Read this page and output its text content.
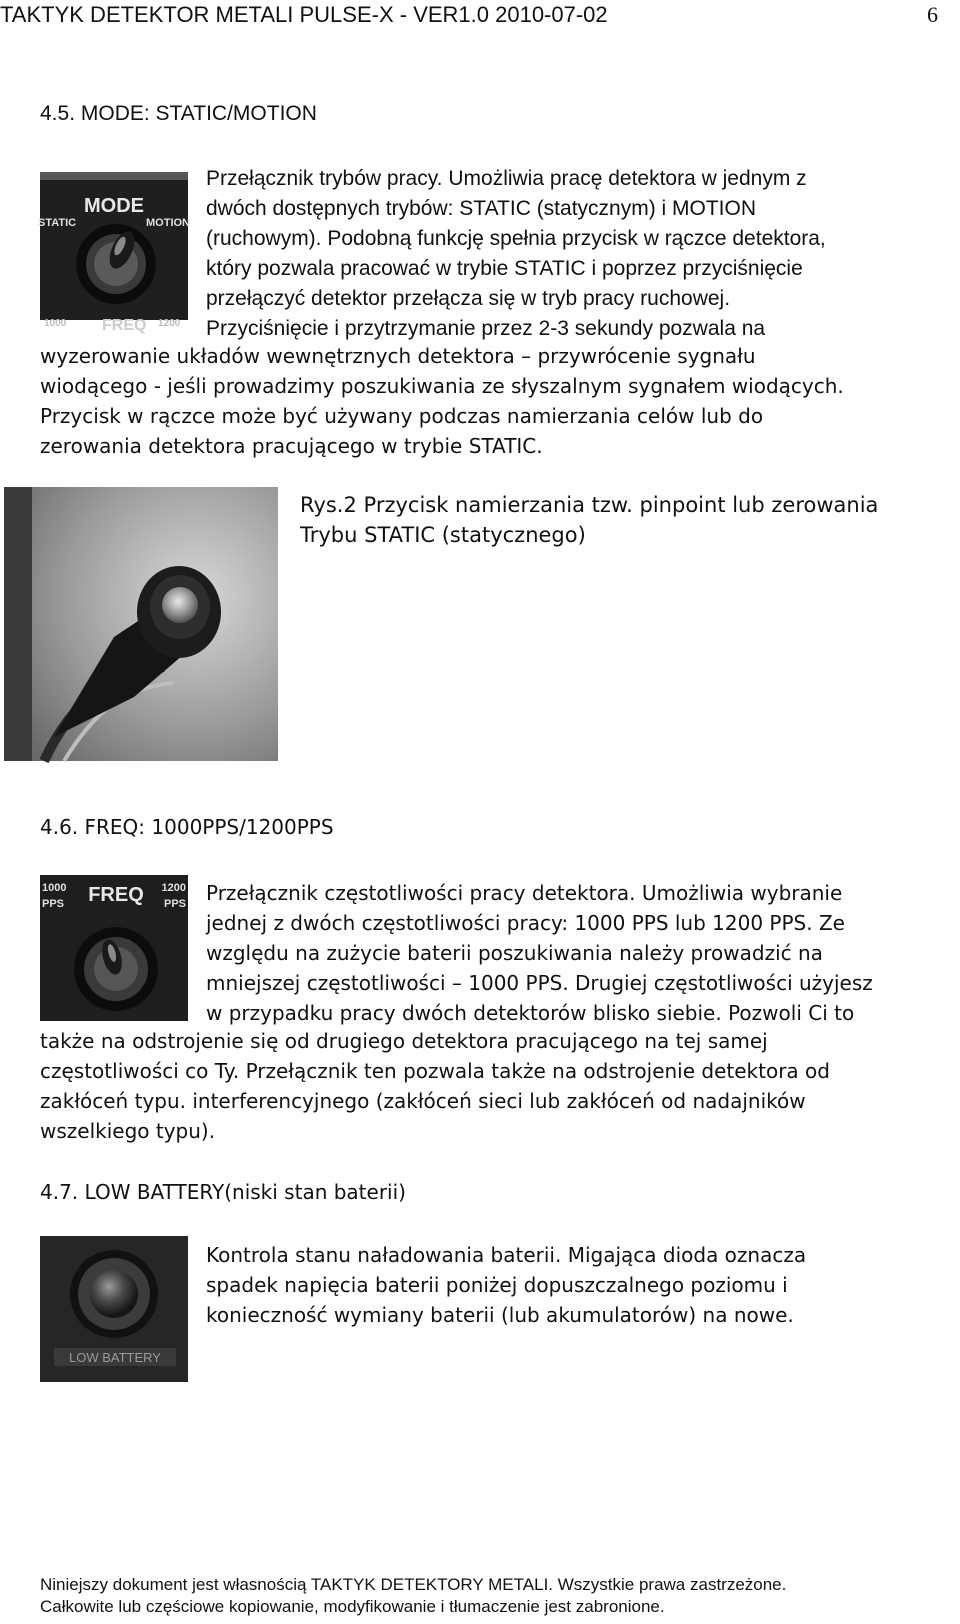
TAKTYK DETEKTOR METALI PULSE-X - VER1.0 2010-07-02	6
4.5. MODE: STATIC/MOTION
MODE
STATIC	MOTION
1000 FREQ 1200
Przełącznik trybów pracy. Umożliwia pracę detektora w jednym z
dwóch dostępnych trybów: STATIC (statycznym) i MOTION
(ruchowym). Podobną funkcję spełnia przycisk w rączce detektora,
który pozwala pracować w trybie STATIC i poprzez przyciśnięcie
przełączyć detektor przełącza się w tryb pracy ruchowej.
Przyciśnięcie i przytrzymanie przez 2-3 sekundy pozwala na
wyzerowanie układów wewnętrznych detektora – przywrócenie sygnału
wiodącego - jeśli prowadzimy poszukiwania ze słyszalnym sygnałem wiodących.
Przycisk w rączce może być używany podczas namierzania celów lub do
zerowania detektora pracującego w trybie STATIC.
Rys.2 Przycisk namierzania tzw. pinpoint lub zerowania
Trybu STATIC (statycznego)
4.6. FREQ: 1000PPS/1200PPS
FREQ
1000
PPS
1200
PPS Przełącznik częstotliwości pracy detektora. Umożliwia wybranie
jednej z dwóch częstotliwości pracy: 1000 PPS lub 1200 PPS. Ze
względu na zużycie baterii poszukiwania należy prowadzić na
mniejszej częstotliwości – 1000 PPS. Drugiej częstotliwości użyjesz
w przypadku pracy dwóch detektorów blisko siebie. Pozwoli Ci to
także na odstrojenie się od drugiego detektora pracującego na tej samej
częstotliwości co Ty. Przełącznik ten pozwala także na odstrojenie detektora od
zakłóceń typu. interferencyjnego (zakłóceń sieci lub zakłóceń od nadajników
wszelkiego typu).
4.7. LOW BATTERY(niski stan baterii)
LOW BATTERY
Kontrola stanu naładowania baterii. Migająca dioda oznacza
spadek napięcia baterii poniżej dopuszczalnego poziomu i
konieczność wymiany baterii (lub akumulatorów) na nowe.
Niniejszy dokument jest własnością TAKTYK DETEKTORY METALI. Wszystkie prawa zastrzeżone.
Całkowite lub częściowe kopiowanie, modyfikowanie i tłumaczenie jest zabronione.
